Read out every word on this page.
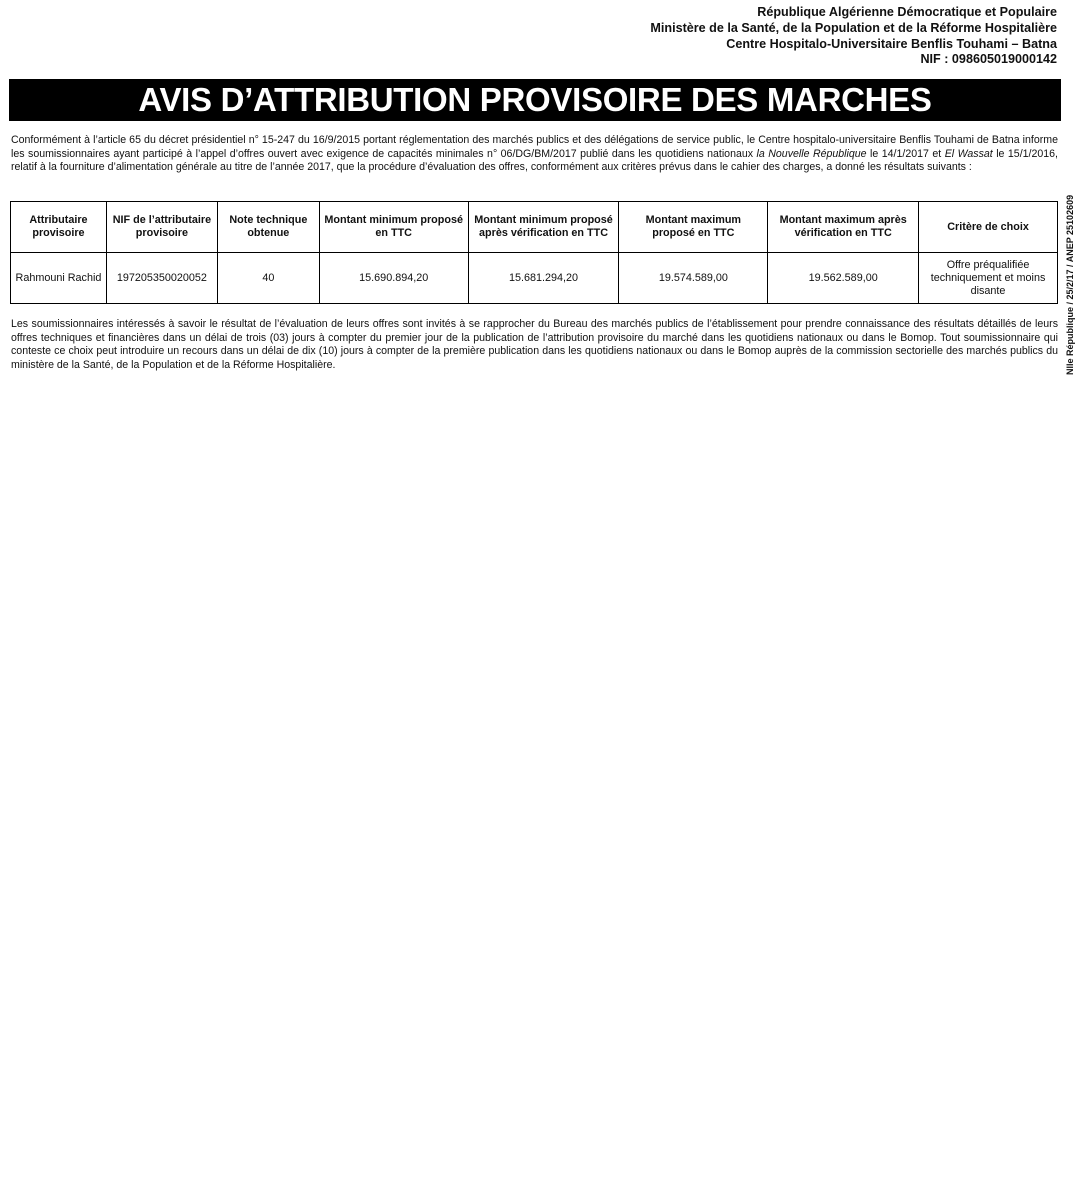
République Algérienne Démocratique et Populaire
Ministère de la Santé, de la Population et de la Réforme Hospitalière
Centre Hospitalo-Universitaire Benflis Touhami – Batna
NIF : 098605019000142
AVIS D’ATTRIBUTION PROVISOIRE DES MARCHES
Conformément à l’article 65 du décret présidentiel n° 15-247 du 16/9/2015 portant réglementation des marchés publics et des délégations de service public, le Centre hospitalo-universitaire Benflis Touhami de Batna informe les soumissionnaires ayant participé à l’appel d’offres ouvert avec exigence de capacités minimales n° 06/DG/BM/2017 publié dans les quotidiens nationaux la Nouvelle République le 14/1/2017 et El Wassat le 15/1/2016, relatif à la fourniture d’alimentation générale au titre de l’année 2017, que la procédure d’évaluation des offres, conformément aux critères prévus dans le cahier des charges, a donné les résultats suivants :
Attributaire provisoire	NIF de l’attributaire provisoire	Note technique obtenue	Montant minimum proposé en TTC	Montant minimum proposé après vérification en TTC	Montant maximum proposé en TTC	Montant maximum après vérification en TTC	Critère de choix
Rahmouni Rachid	197205350020052	40	15.690.894,20	15.681.294,20	19.574.589,00	19.562.589,00	Offre préqualifiée techniquement et moins disante
Les soumissionnaires intéressés à savoir le résultat de l’évaluation de leurs offres sont invités à se rapprocher du Bureau des marchés publics de l’établissement pour prendre connaissance des résultats détaillés de leurs offres techniques et financières dans un délai de trois (03) jours à compter du premier jour de la publication de l’attribution provisoire du marché dans les quotidiens nationaux ou dans le Bomop. Tout soumissionnaire qui conteste ce choix peut introduire un recours dans un délai de dix (10) jours à compter de la première publication dans les quotidiens nationaux ou dans le Bomop auprès de la commission sectorielle des marchés publics du ministère de la Santé, de la Population et de la Réforme Hospitalière.	Nlle République / 25/2/17 / ANEP 25102609
